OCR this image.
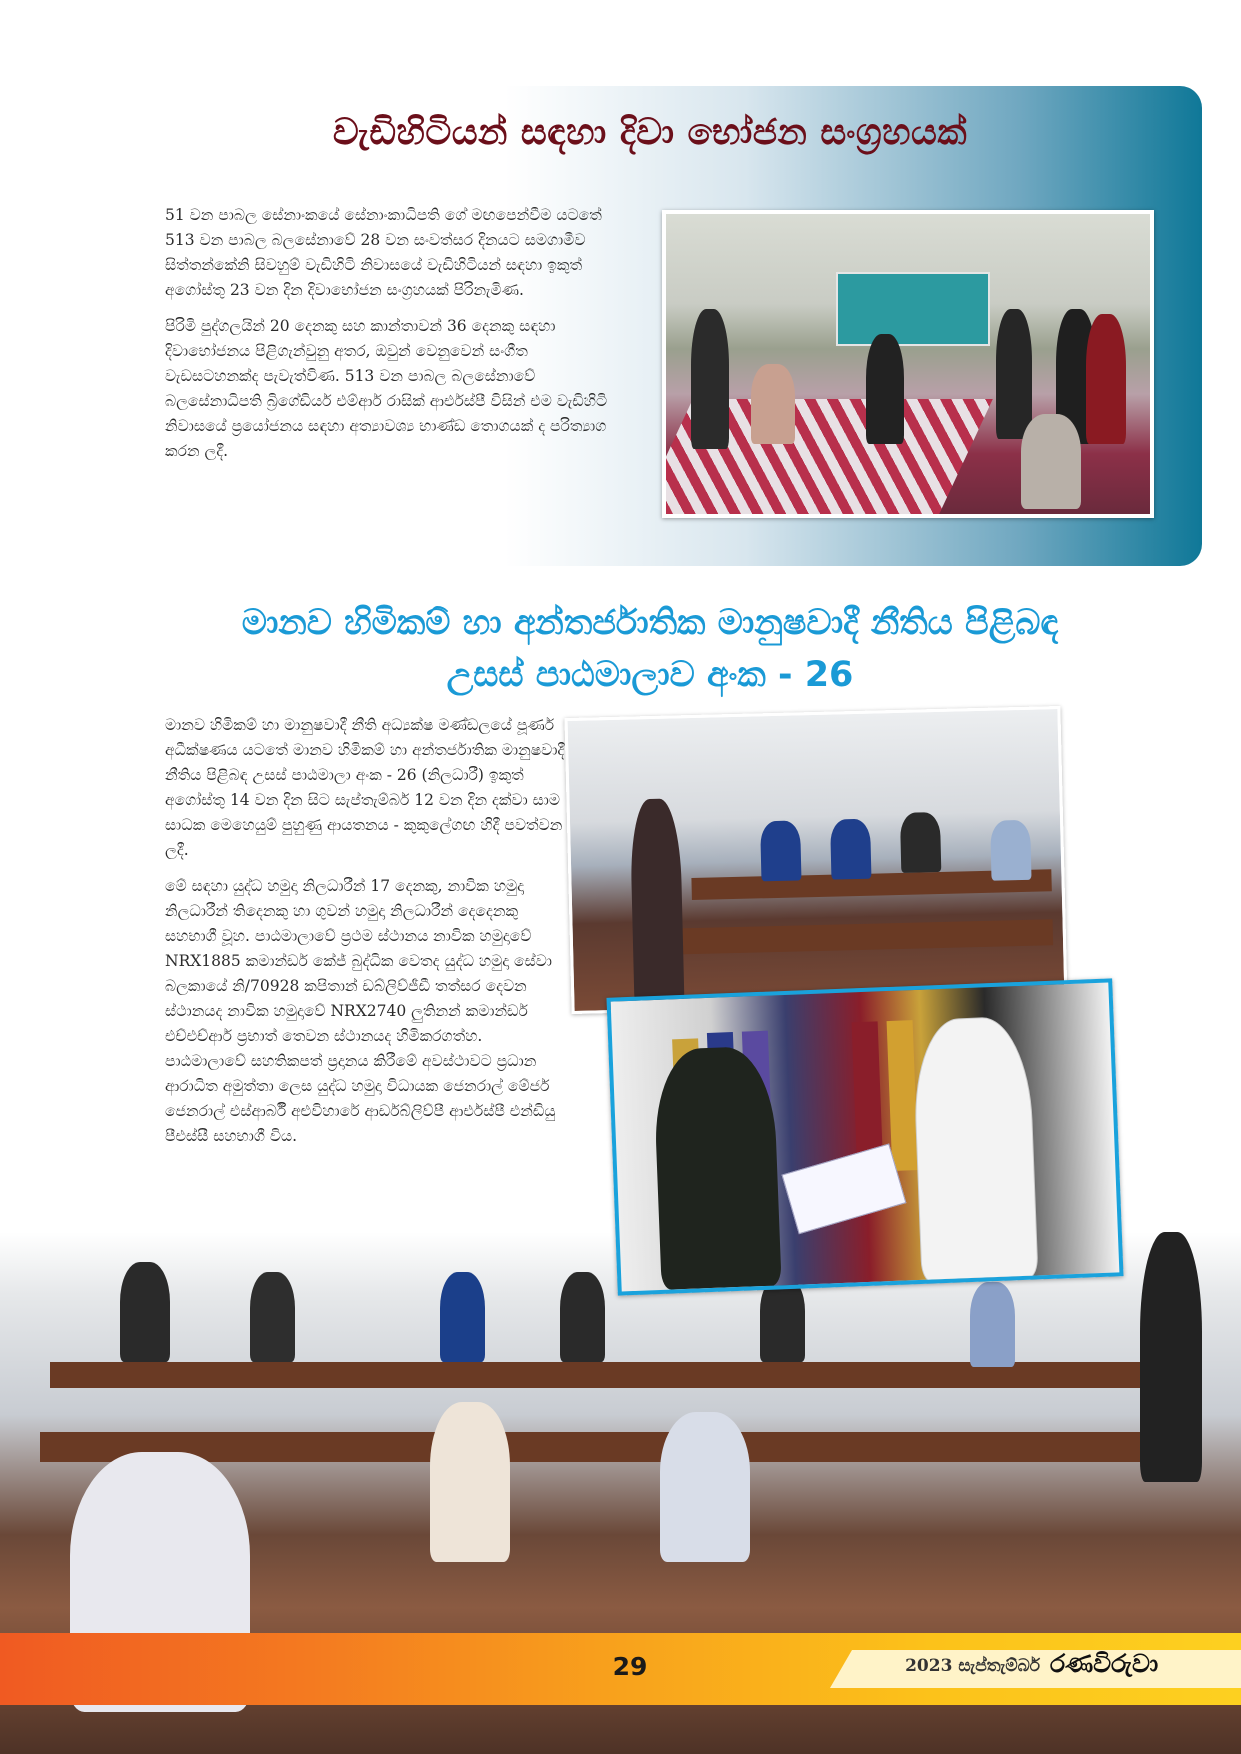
වැඩිහිටියන් සඳහා දිවා භෝජන සංග්‍රහයක්

51 වන පාබල සේනාංකයේ සේනාංකාධිපති ගේ මඟපෙන්වීම යටතේ 513 වන පාබල බලසේනාවේ 28 වන සංවත්සර දිනයට සමගාමීව සිත්තන්කේනි සිවහුම් වැඩිහිටි නිවාසයේ වැඩිහිටියන් සඳහා ඉකුත් අගෝස්තු 23 වන දින දිවාභෝජන සංග්‍රහයක් පිරිනැමිණ.

පිරිමි පුද්ගලයින් 20 දෙනකු සහ කාන්තාවන් 36 දෙනකු සඳහා දිවාභෝජනය පිළිගැන්වුනු අතර, ඔවුන් වෙනුවෙන් සංගීත වැඩසටහනක්ද පැවැත්විණ. 513 වන පාබල බලසේනාවේ බලසේනාධිපති බ්‍රිගේඩියර් එම්ආර් රාසික් ආර්එස්පී විසින් එම වැඩිහිටි නිවාසයේ ප්‍රයෝජනය සඳහා අත්‍යාවශ්‍ය භාණ්ඩ තොගයක් ද පරිත්‍යාග කරන ලදී.

මානව හිමිකම් හා අන්තර්ජාතික මානුෂවාදී නීතිය පිළිබඳ
උසස් පාඨමාලාව අංක - 26

මානව හිමිකම් හා මානුෂවාදී නීති අධ්‍යක්ෂ මණ්ඩලයේ පූර්ණ අධීක්ෂණය යටතේ මානව හිමිකම් හා අන්තර්ජාතික මානුෂවාදී නීතිය පිළිබඳ උසස් පාඨමාලා අංක - 26 (නිලධාරී) ඉකුත් අගෝස්තු 14 වන දින සිට සැප්තැම්බර් 12 වන දින දක්වා සාම සාධක මෙහෙයුම් පුහුණු ආයතනය - කුකුලේගඟ හිදී පවත්වන ලදී.

මේ සඳහා යුද්ධ හමුදා නිලධාරීන් 17 දෙනකු, නාවික හමුදා නිලධාරීන් තිදෙනකු හා ගුවන් හමුදා නිලධාරීන් දෙදෙනකු සහභාගී වූහ. පාඨමාලාවේ ප්‍රථම ස්ථානය නාවික හමුදාවේ NRX1885 කමාන්ඩර් කේජ් බුද්ධික වෙතද යුද්ධ හමුදා සේවා බලකායේ නි/70928 කපිතාන් ඩබ්ලිව්ජීඩී තත්සර දෙවන ස්ථානයද නාවික හමුදාවේ NRX2740 ලුතිනන් කමාන්ඩර් එච්එච්ආර් ප්‍රභාත් තෙවන ස්ථානයද හිමිකරගත්හ. පාඨමාලාවේ සහතිකපත් ප්‍රදානය කිරීමේ අවස්ථාවට ප්‍රධාන ආරාධිත අමුත්තා ලෙස යුද්ධ හමුදා විධායක ජෙනරාල් මේජර් ජෙනරාල් එස්ආර්බී අළුවිහාරේ ආර්ඩබ්ලිව්පී ආර්එස්පී එන්ඩියු පීඑස්සී සහභාගී විය.

29	2023 සැප්තැම්බර් රණවිරුවා
